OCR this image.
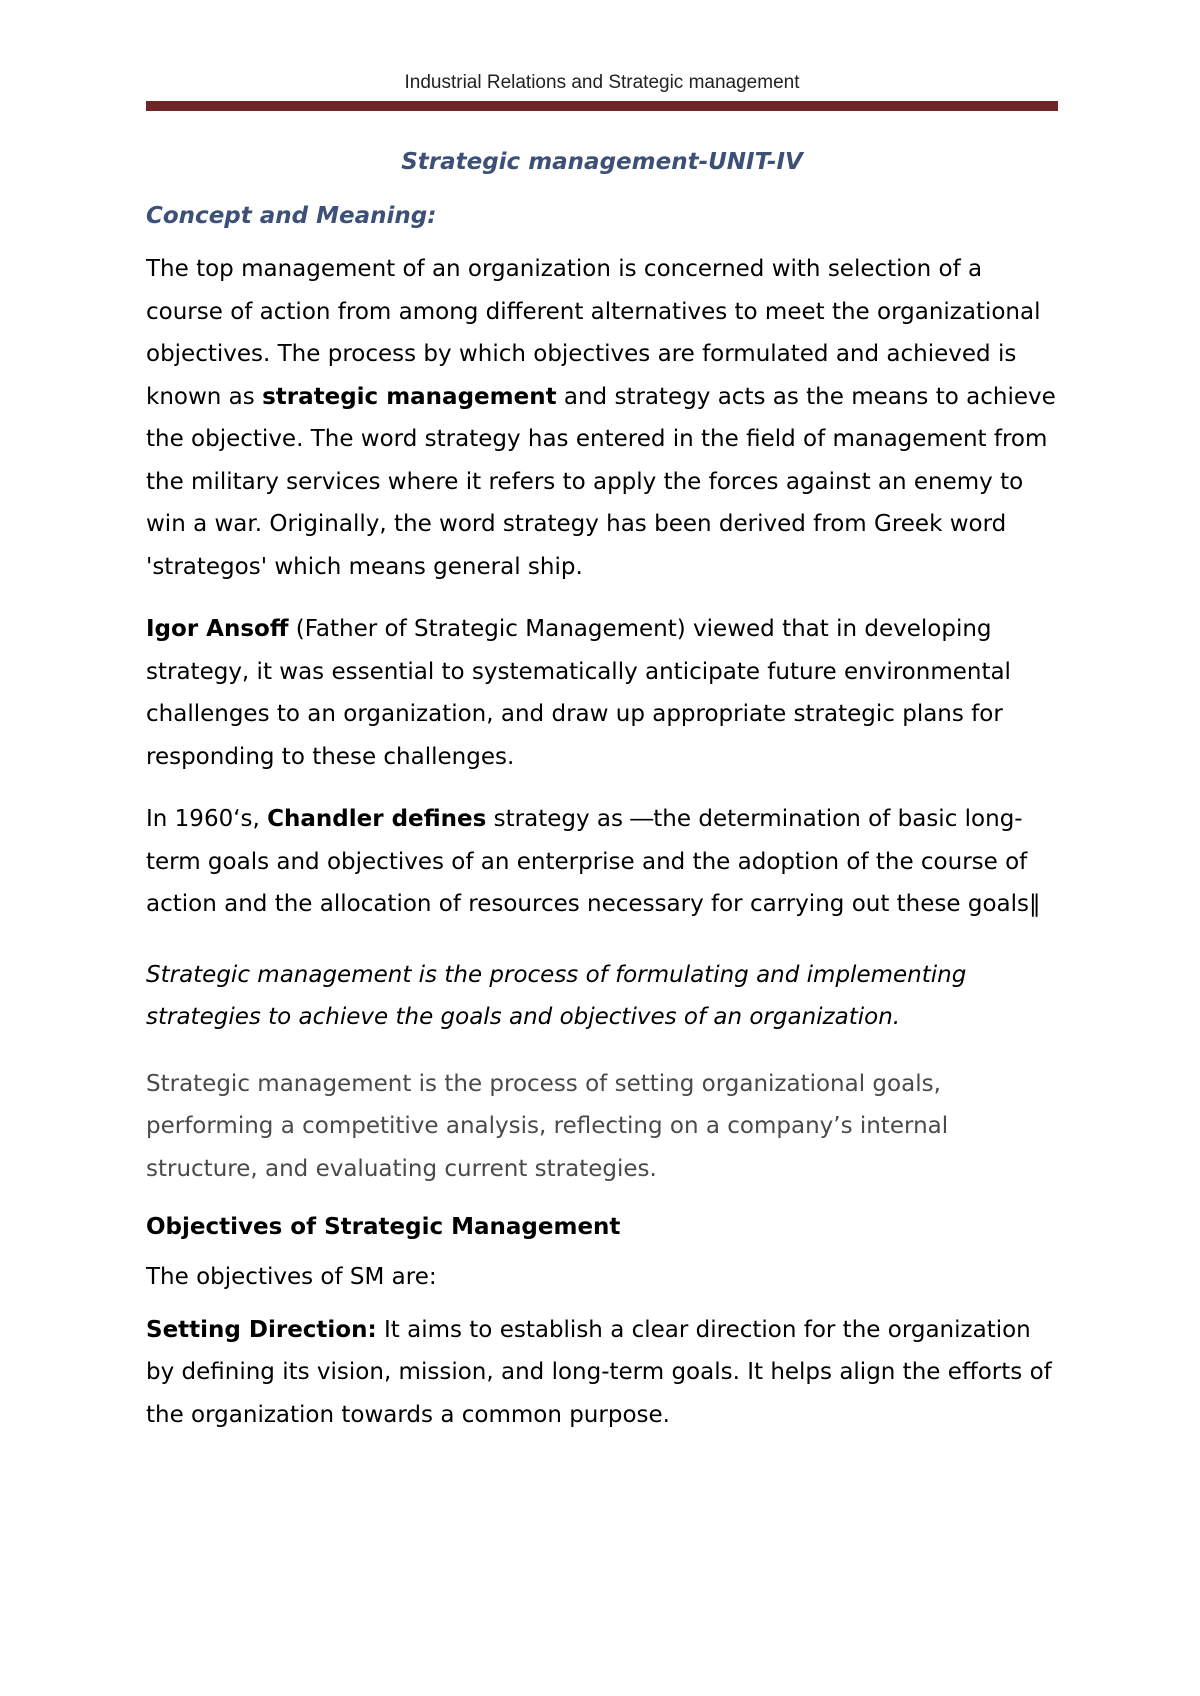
Industrial Relations and Strategic management
Strategic management-UNIT-IV
Concept and Meaning:

The top management of an organization is concerned with selection of a course of action from among different alternatives to meet the organizational objectives. The process by which objectives are formulated and achieved is known as strategic management and strategy acts as the means to achieve the objective. The word strategy has entered in the field of management from the military services where it refers to apply the forces against an enemy to win a war. Originally, the word strategy has been derived from Greek word 'strategos' which means general ship.

Igor Ansoff (Father of Strategic Management) viewed that in developing strategy, it was essential to systematically anticipate future environmental challenges to an organization, and draw up appropriate strategic plans for responding to these challenges.

In 1960‘s, Chandler defines strategy as ―the determination of basic long-term goals and objectives of an enterprise and the adoption of the course of action and the allocation of resources necessary for carrying out these goals‖

Strategic management is the process of formulating and implementing strategies to achieve the goals and objectives of an organization.

Strategic management is the process of setting organizational goals, performing a competitive analysis, reflecting on a company’s internal structure, and evaluating current strategies.

Objectives of Strategic Management

The objectives of SM are:

Setting Direction: It aims to establish a clear direction for the organization by defining its vision, mission, and long-term goals. It helps align the efforts of the organization towards a common purpose.
